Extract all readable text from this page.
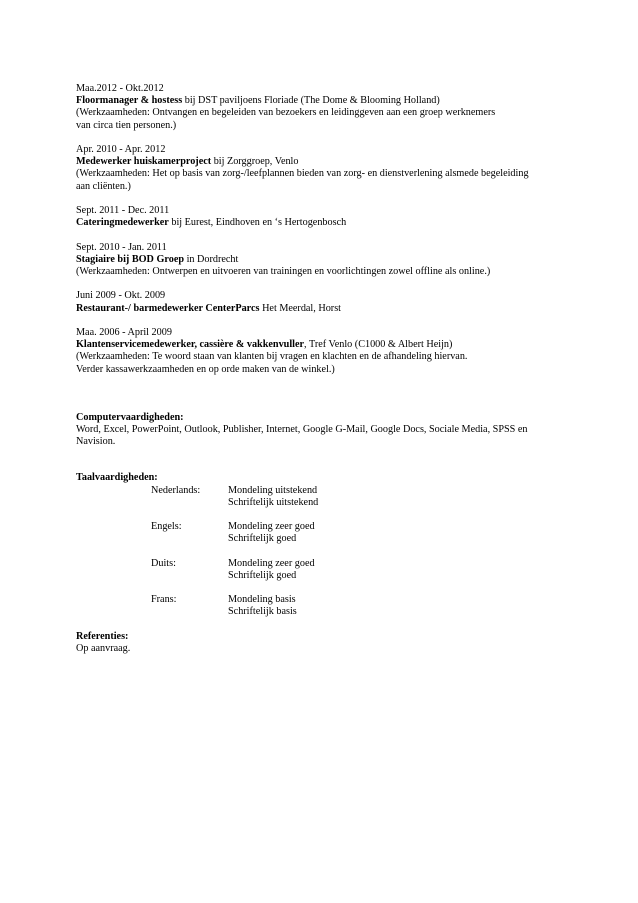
Maa.2012 - Okt.2012
Floormanager & hostess bij DST paviljoens Floriade (The Dome & Blooming Holland)
(Werkzaamheden: Ontvangen en begeleiden van bezoekers en leidinggeven aan een groep werknemers
van circa tien personen.)
Apr. 2010 - Apr. 2012
Medewerker huiskamerproject bij Zorggroep, Venlo
(Werkzaamheden: Het op basis van zorg-/leefplannen bieden van zorg- en dienstverlening alsmede begeleiding
aan cliënten.)
Sept. 2011 - Dec. 2011
Cateringmedewerker bij Eurest, Eindhoven en ‘s Hertogenbosch
Sept. 2010 - Jan. 2011
Stagiaire bij BOD Groep in Dordrecht
(Werkzaamheden: Ontwerpen en uitvoeren van trainingen en voorlichtingen zowel offline als online.)
Juni 2009 - Okt. 2009
Restaurant-/ barmedewerker CenterParcs Het Meerdal, Horst
Maa. 2006 - April 2009
Klantenservicemedewerker, cassière & vakkenvuller, Tref Venlo (C1000 & Albert Heijn)
(Werkzaamheden: Te woord staan van klanten bij vragen en klachten en de afhandeling hiervan.
Verder kassawerkzaamheden en op orde maken van de winkel.)
Computervaardigheden:
Word, Excel, PowerPoint, Outlook, Publisher, Internet, Google G-Mail, Google Docs, Sociale Media, SPSS en
Navision.
Taalvaardigheden:
Nederlands:	Mondeling uitstekend
Schriftelijk uitstekend
Engels:	Mondeling zeer goed
Schriftelijk goed
Duits:	Mondeling zeer goed
Schriftelijk goed
Frans:	Mondeling basis
Schriftelijk basis
Referenties:
Op aanvraag.
